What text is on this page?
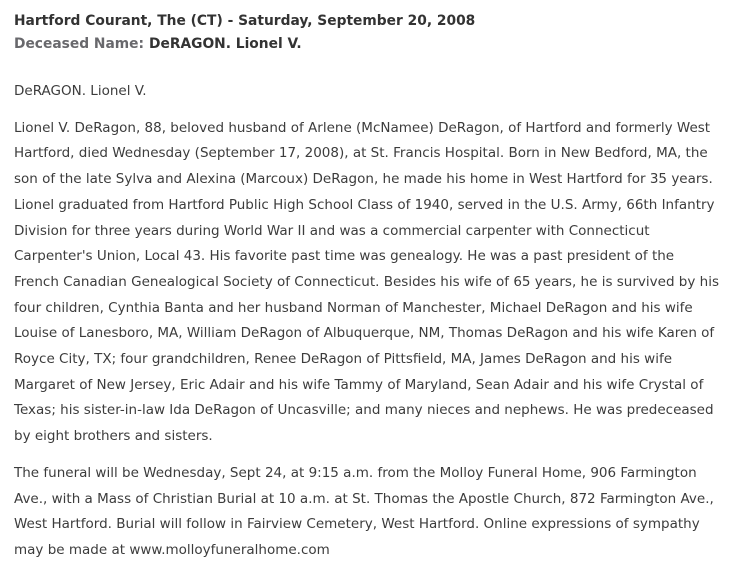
Hartford Courant, The (CT) - Saturday, September 20, 2008
Deceased Name: DeRAGON. Lionel V.

DeRAGON. Lionel V.

Lionel V. DeRagon, 88, beloved husband of Arlene (McNamee) DeRagon, of Hartford and formerly West Hartford, died Wednesday (September 17, 2008), at St. Francis Hospital. Born in New Bedford, MA, the son of the late Sylva and Alexina (Marcoux) DeRagon, he made his home in West Hartford for 35 years. Lionel graduated from Hartford Public High School Class of 1940, served in the U.S. Army, 66th Infantry Division for three years during World War II and was a commercial carpenter with Connecticut Carpenter's Union, Local 43. His favorite past time was genealogy. He was a past president of the French Canadian Genealogical Society of Connecticut. Besides his wife of 65 years, he is survived by his four children, Cynthia Banta and her husband Norman of Manchester, Michael DeRagon and his wife Louise of Lanesboro, MA, William DeRagon of Albuquerque, NM, Thomas DeRagon and his wife Karen of Royce City, TX; four grandchildren, Renee DeRagon of Pittsfield, MA, James DeRagon and his wife Margaret of New Jersey, Eric Adair and his wife Tammy of Maryland, Sean Adair and his wife Crystal of Texas; his sister-in-law Ida DeRagon of Uncasville; and many nieces and nephews. He was predeceased by eight brothers and sisters.

The funeral will be Wednesday, Sept 24, at 9:15 a.m. from the Molloy Funeral Home, 906 Farmington Ave., with a Mass of Christian Burial at 10 a.m. at St. Thomas the Apostle Church, 872 Farmington Ave., West Hartford. Burial will follow in Fairview Cemetery, West Hartford. Online expressions of sympathy may be made at www.molloyfuneralhome.com
